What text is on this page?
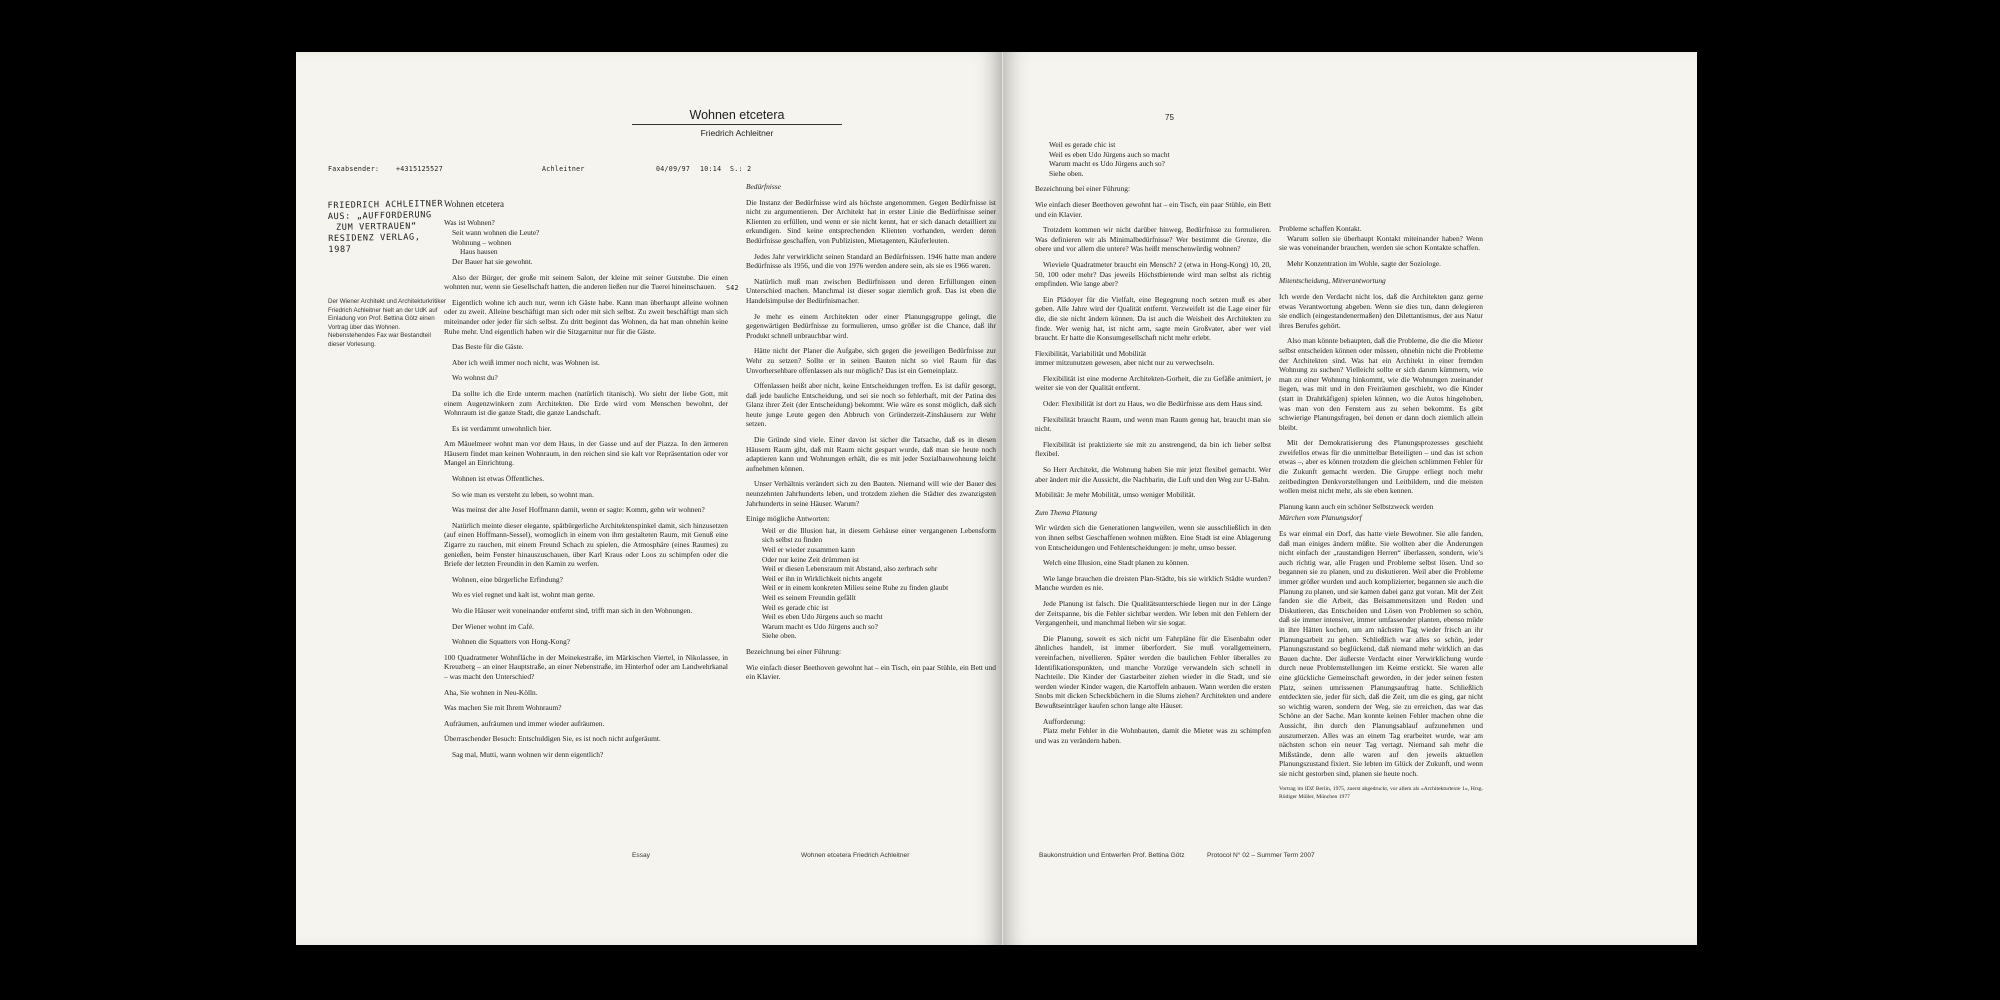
Wohnen etcetera
Friedrich Achleitner
Faxabsender:	+4315125527	Achleitner	04/09/97 10:14 S.: 2
S42
FRIEDRICH ACHLEITNER AUS: „AUFFORDERUNG ZUM VERTRAUEN“ RESIDENZ VERLAG, 1987
Der Wiener Architekt und Architekturkritiker Friedrich Achleitner hielt an der UdK auf Einladung von Prof. Bettina Götz einen Vortrag über das Wohnen. Nebenstehendes Fax war Bestandteil dieser Vorlesung.
Wohnen etcetera

Was ist Wohnen?

Seit wann wohnen die Leute?
Wohnung – wohnen
Haus hausen
Der Bauer hat sie gewohnt.

Also der Bürger, der große mit seinem Salon, der kleine mit seiner Gutstube. Die einen wohnten nur, wenn sie Gesellschaft hatten, die anderen ließen nur die Tuerei hineinschauen.

Eigentlich wohne ich auch nur, wenn ich Gäste habe. Kann man überhaupt alleine wohnen oder zu zweit. Alleine beschäftigt man sich oder mit sich selbst. Zu zweit beschäftigt man sich miteinander oder jeder für sich selbst. Zu dritt beginnt das Wohnen, da hat man ohnehin keine Ruhe mehr. Und eigentlich haben wir die Sitzgarnitur nur für die Gäste.

Das Beste für die Gäste.

Aber ich weiß immer noch nicht, was Wohnen ist.

Wo wohnst du?

Da sollte ich die Erde unterm machen (natürlich titanisch). Wo sieht der liebe Gott, mit einem Augenzwinkern zum Architekten. Die Erde wird vom Menschen bewohnt, der Wohnraum ist die ganze Stadt, die ganze Landschaft.

Es ist verdammt unwohnlich hier.

Am Mäuelmeer wohnt man vor dem Haus, in der Gasse und auf der Piazza. In den ärmeren Häusern findet man keinen Wohnraum, in den reichen sind sie kalt vor Repräsentation oder vor Mangel an Einrichtung.

Wohnen ist etwas Öffentliches.

So wie man es versteht zu leben, so wohnt man.

Was meinst der alte Josef Hoffmann damit, wenn er sagte: Komm, gehn wir wohnen?

Natürlich meinte dieser elegante, spätbürgerliche Architektenspinkel damit, sich hinzusetzen (auf einen Hoffmann-Sessel), womoglich in einem von ihm gestalteten Raum, mit Genuß eine Zigarre zu rauchen, mit einem Freund Schach zu spielen, die Atmosphäre (eines Raumes) zu genießen, beim Fenster hinauszuschauen, über Karl Kraus oder Loos zu schimpfen oder die Briefe der letzten Freundin in den Kamin zu werfen.

Wohnen, eine bürgerliche Erfindung?

Wo es viel regnet und kalt ist, wohnt man gerne.

Wo die Häuser weit voneinander entfernt sind, trifft man sich in den Wohnungen.

Der Wiener wohnt im Café.

Wohnen die Squatters von Hong-Kong?

100 Quadratmeter Wohnfläche in der Meinekestraße, im Märkischen Viertel, in Nikolassee, in Kreuzberg – an einer Hauptstraße, an einer Nebenstraße, im Hinterhof oder am Landwehrkanal – was macht den Unterschied?

Aha, Sie wohnen in Neu-Kölln.

Was machen Sie mit Ihrem Wohnraum?

Aufräumen, aufräumen und immer wieder aufräumen.

Überraschender Besuch: Entschuldigen Sie, es ist noch nicht aufgeräumt.

Sag mal, Mutti, wann wohnen wir denn eigentlich?

Bedürfnisse

Die Instanz der Bedürfnisse wird als höchste angenommen. Gegen Bedürfnisse ist nicht zu argumentieren. Der Architekt hat in erster Linie die Bedürfnisse seiner Klienten zu erfüllen, und wenn er sie nicht kennt, hat er sich danach detailliert zu erkundigen. Sind keine entsprechenden Klienten vorhanden, werden deren Bedürfnisse geschaffen, von Publizisten, Mietagenten, Käuferleuten.

Jedes Jahr verwirklicht seinen Standard an Bedürfnissen. 1946 hatte man andere Bedürfnisse als 1956, und die von 1976 werden andere sein, als sie es 1966 waren.

Natürlich muß man zwischen Bedürfnissen und deren Erfüllungen einen Unterschied machen. Manchmal ist dieser sogar ziemlich groß. Das ist eben die Handelsimpulse der Bedürfnismacher.

Je mehr es einem Architekten oder einer Planungsgruppe gelingt, die gegenwärtigen Bedürfnisse zu formulieren, umso größer ist die Chance, daß ihr Produkt schnell unbrauchbar wird.

Hätte nicht der Planer die Aufgabe, sich gegen die jeweiligen Bedürfnisse zur Wehr zu setzen? Sollte er in seinen Bauten nicht so viel Raum für das Unvorhersehbare offenlassen als nur möglich? Das ist ein Gemeinplatz.

Offenlassen heißt aber nicht, keine Entscheidungen treffen. Es ist dafür gesorgt, daß jede bauliche Entscheidung, und sei sie noch so fehlerhaft, mit der Patina des Glanz ihrer Zeit (der Entscheidung) bekommt. Wie wäre es sonst möglich, daß sich heute junge Leute gegen den Abbruch von Gründerzeit-Zinshäusern zur Wehr setzen.

Die Gründe sind viele. Einer davon ist sicher die Tatsache, daß es in diesen Häusern Raum gibt, daß mit Raum nicht gespart wurde, daß man sie heute noch adaptieren kann und Wohnungen erhält, die es mit jeder Sozialbauwohnung leicht aufnehmen können.

Unser Verhältnis verändert sich zu den Bauten. Niemand will wie der Bauer des neunzehnten Jahrhunderts leben, und trotzdem ziehen die Städter des zwanzigsten Jahrhunderts in seine Häuser. Warum?

Einige mögliche Antworten:

Weil er die Illusion hat, in diesem Gehäuse einer vergangenen Lebensform sich selbst zu finden
Weil er wieder zusammen kann
Oder nur keine Zeit drümmen ist
Weil er diesen Lebensraum mit Abstand, also zerbrach sehr
Weil er ihn in Wirklichkeit nichts angeht
Weil er in einem konkreten Milieu seine Ruhe zu finden glaubt
Weil es seinem Freundin gefällt
Weil es gerade chic ist
Weil es eben Udo Jürgens auch so macht
Warum macht es Udo Jürgens auch so?
Siehe oben.

Bezeichnung bei einer Führung:

Wie einfach dieser Beethoven gewohnt hat – ein Tisch, ein paar Stühle, ein Bett und ein Klavier.

Essay	Wohnen etcetera Friedrich Achleitner
75
Weil es gerade chic ist
Weil es eben Udo Jürgens auch so macht
Warum macht es Udo Jürgens auch so?
Siehe oben.

Bezeichnung bei einer Führung:

Wie einfach dieser Beethoven gewohnt hat – ein Tisch, ein paar Stühle, ein Bett und ein Klavier.

Trotzdem kommen wir nicht darüber hinweg, Bedürfnisse zu formulieren. Was definieren wir als Minimalbedürfnisse? Wer bestimmt die Grenze, die obere und vor allem die untere? Was heißt menschenwürdig wohnen?

Wieviele Quadratmeter braucht ein Mensch? 2 (etwa in Hong-Kong) 10, 20, 50, 100 oder mehr? Das jeweils Höchstbietende wird man selbst als richtig empfinden. Wie lange aber?

Ein Plädoyer für die Vielfalt, eine Begegnung noch setzen muß es aber geben. Alle Jahre wird der Qualität entfernt. Verzweifelt ist die Lage einer für die, die sie nicht ändern können. Da ist auch die Weisheit des Architekten zu finde. Wer wenig hat, ist nicht arm, sagte mein Großvater, aber wer viel braucht. Er hatte die Konsumgesellschaft nicht mehr erlebt.

Flexibilität, Variabilität und Mobilität
immer mitzunutzen gewesen, aber nicht nur zu verwechseln.

Flexibilität ist eine moderne Architekten-Gorheit, die zu Gefäße animiert, je weiter sie von der Qualität entfernt.

Oder: Flexibilität ist dort zu Haus, wo die Bedürfnisse aus dem Haus sind.

Flexibilität braucht Raum, und wenn man Raum genug hat, braucht man sie nicht.

Flexibilität ist praktizierte sie mit zu anstrengend, da bin ich lieber selbst flexibel.

So Herr Architekt, die Wohnung haben Sie mir jetzt flexibel gemacht. Wer aber ändert mir die Aussicht, die Nachbarin, die Luft und den Weg zur U-Bahn.

Mobilität: Je mehr Mobilität, umso weniger Mobilität.

Zum Thema Planung

Wir würden sich die Generationen langweilen, wenn sie ausschließlich in den von ihnen selbst Geschaffenen wohnen müßten. Eine Stadt ist eine Ablagerung von Entscheidungen und Fehlentscheidungen: je mehr, umso besser.

Welch eine Illusion, eine Stadt planen zu können.

Wie lange brauchen die dreisten Plan-Städte, bis sie wirklich Städte wurden? Manche wurden es nie.

Jede Planung ist falsch. Die Qualitätsunterschiede liegen nur in der Länge der Zeitspanne, bis die Fehler sichtbar werden. Wir leben mit den Fehlern der Vergangenheit, und manchmal lieben wir sie sogar.

Die Planung, soweit es sich nicht um Fahrpläne für die Eisenbahn oder ähnliches handelt, ist immer überfordert. Sie muß vorallgemeinern, vereinfachen, nivellieren. Später werden die baulichen Fehler überalles zu Identifikationspunkten, und manche Vorzüge verwandeln sich schnell in Nachteile. Die Kinder der Gastarbeiter ziehen wieder in die Stadt, und sie werden wieder Kinder wagen, die Kartoffeln anbauen. Wann werden die ersten Snobs mit dicken Scheckbüchern in die Slums ziehen? Architekten und andere Bewußtseinträger kaufen schon lange alte Häuser.

Aufforderung:

Platz mehr Fehler in die Wohnbauten, damit die Mieter was zu schimpfen und was zu verändern haben.

Probleme schaffen Kontakt.

Warum sollen sie überhaupt Kontakt miteinander haben? Wenn sie was voneinander brauchen, werden sie schon Kontakte schaffen.

Mehr Konzentration im Wohle, sagte der Soziologe.

Mitentscheidung, Mitverantwortung

Ich werde den Verdacht nicht los, daß die Architekten ganz gerne etwas Verantwortung abgeben. Wenn sie dies tun, dann delegieren sie endlich (eingestandenermaßen) den Dilettantismus, der aus Natur ihres Berufes gehört.

Also man könnte behaupten, daß die Probleme, die die die Mieter selbst entscheiden können oder müssen, ohnehin nicht die Probleme der Architekten sind. Was hat ein Architekt in einer fremden Wohnung zu suchen? Vielleicht sollte er sich darum kümmern, wie man zu einer Wohnung hinkommt, wie die Wohnungen zueinander liegen, was mit und in den Freiräumen geschieht, wo die Kinder (statt in Drahtkäfigen) spielen können, wo die Autos hingehoben, was man von den Fenstern aus zu sehen bekommt. Es gibt schwierige Planungsfragen, bei denen er dann doch ziemlich allein bleibt.

Mit der Demokratisierung des Planungsprozesses geschieht zweifellos etwas für die unmittelbar Beteiligten – und das ist schon etwas –, aber es können trotzdem die gleichen schlimmen Fehler für die Zukunft gemacht werden. Die Gruppe erliegt noch mehr zeitbedingten Denkvorstellungen und Leitbildern, und die meisten wollen meist nicht mehr, als sie eben kennen.

Planung kann auch ein schöner Selbstzweck werden

Märchen vom Planungsdorf

Es war einmal ein Dorf, das hatte viele Bewohner. Sie alle fanden, daß man einiges ändern müßte. Sie wollten aber die Änderungen nicht einfach der „raustandigen Herren“ überlassen, sondern, wie’s auch richtig war, alle Fragen und Probleme selbst lösen. Und so begannen sie zu planen, und zu diskutieren. Weil aber die Probleme immer größer wurden und auch komplizierter, begannen sie auch die Planung zu planen, und sie kamen dabei ganz gut voran. Mit der Zeit fanden sie die Arbeit, das Beisammensitzen und Reden und Diskutieren, das Entscheiden und Lösen von Problemen so schön, daß sie immer intensiver, immer umfassender planten, ebenso müde in ihre Hätten kochen, um am nächsten Tag wieder frisch an ihr Planungsarbeit zu gehen. Schließlich war alles so schön, jeder Planungszustand so beglückend, daß niemand mehr wirklich an das Bauen dachte. Der äußerste Verdacht einer Verwirklichung wurde durch neue Problemstellungen im Keime erstickt. Sie waren alle eine glückliche Gemeinschaft geworden, in der jeder seinen festen Platz, seinen umrissenen Planungsauftrag hatte. Schließlich entdeckten sie, jeder für sich, daß die Zeit, um die es ging, gar nicht so wichtig waren, sondern der Weg, sie zu erreichen, das war das Schöne an der Sache. Man konnte keinen Fehler machen ohne die Aussicht, ihn durch den Planungsablauf aufzunehmen und auszumerzen. Alles was an einem Tag erarbeitet wurde, war am nächsten schon ein neuer Tag vertagt. Niemand sah mehr die Mißstände, denn alle waren auf den jeweils aktuellen Planungszustand fixiert. Sie lebten im Glück der Zukunft, und wenn sie nicht gestorben sind, planen sie heute noch.

Vortrag im IDZ Berlin, 1975, zuerst abgedruckt, vor allem als »Architekturtexte 1«, Hrsg. Rüdiger Müller, München 1977
Baukonstruktion und Entwerfen Prof. Bettina Götz	Protocol N° 02 – Summer Term 2007
